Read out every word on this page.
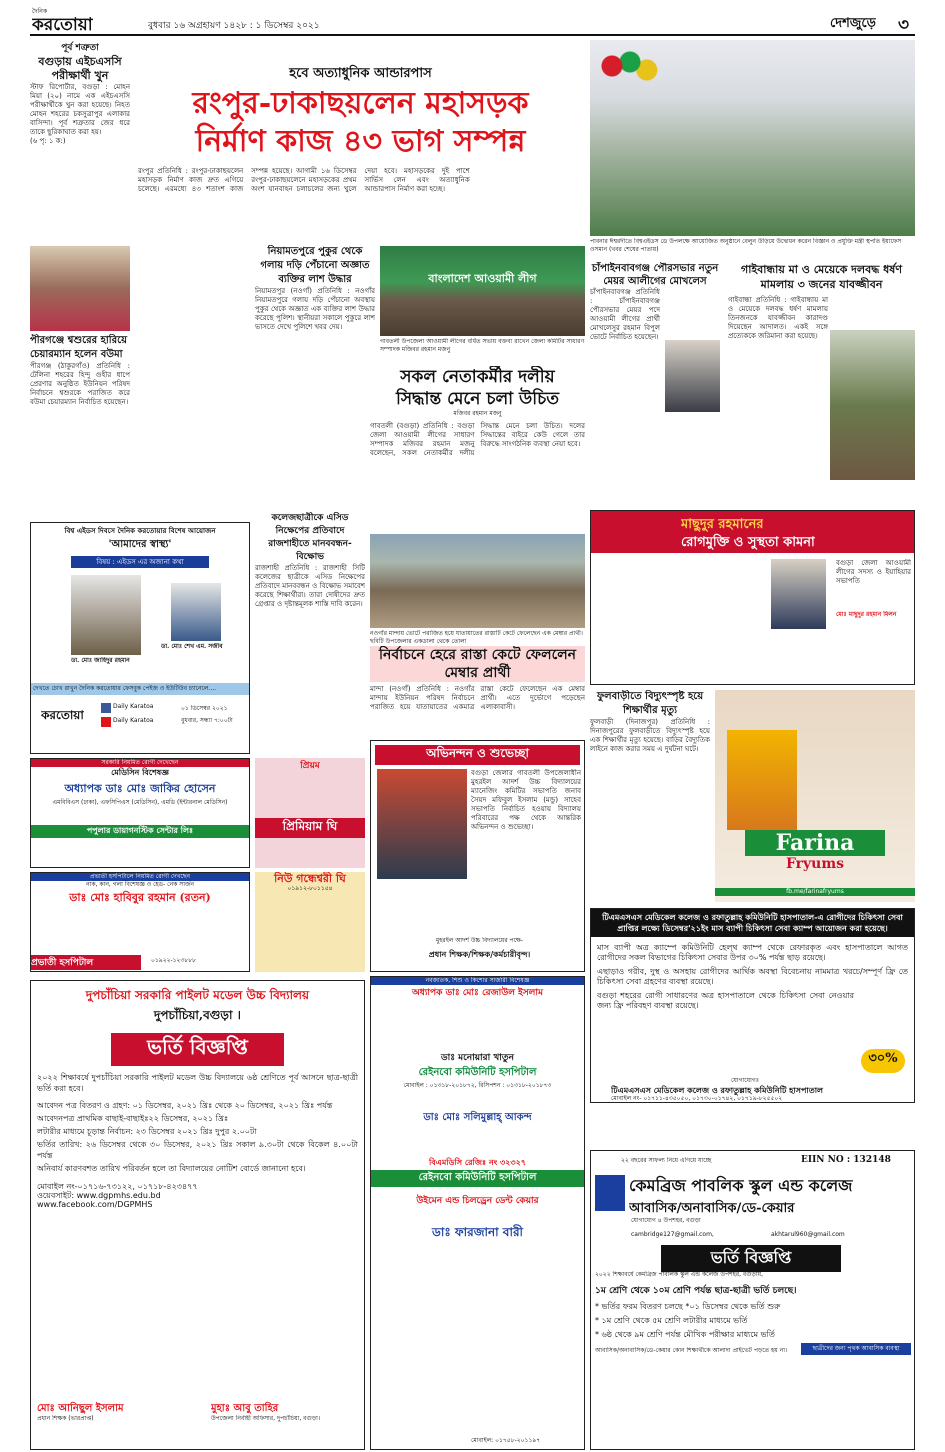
দৈনিক
করতোয়া	বুধবার ১৬ অগ্রহায়ণ ১৪২৮ : ১ ডিসেম্বর ২০২১	দেশজুড়ে ৩
পূর্ব শত্রুতা
বগুড়ায় এইচএসসি পরীক্ষার্থী খুন
স্টাফ রিপোর্টার, বগুড়া : মোহন মিয়া (২০) নামে এক এইচএসসি পরীক্ষার্থীকে খুন করা হয়েছে। নিহত মোহন শহরের চকসুত্রাপুর এলাকার বাসিন্দা। পূর্ব শত্রুতার জের ধরে তাকে ছুরিকাঘাত করা হয়।
(৬ পৃ: ১ ক:)
পীরগঞ্জে শ্বশুরের হারিয়ে চেয়ারম্যান হলেন বউমা
পীরগঞ্জ (ঠাকুরগাঁও) প্রতিনিধি : টেলিনা শহরের হিন্দু গুহীর ধাপে প্রেরণার অনুষ্ঠিত ইউনিয়ন পরিষদ নির্বাচনে শ্বশুরকে পরাজিত করে বউমা চেয়ারম্যান নির্বাচিত হয়েছেন।
হবে অত্যাধুনিক আন্ডারপাস
রংপুর-ঢাকাছয়লেন মহাসড়ক
নির্মাণ কাজ ৪৩ ভাগ সম্পন্ন
রংপুর প্রতিনিধি : রংপুর-ঢাকাছয়লেন মহাসড়ক নির্মাণ কাজ দ্রুত এগিয়ে চলেছে। এরমধ্যে ৪৩ শতাংশ কাজ সম্পন্ন হয়েছে। আগামী ১৬ ডিসেম্বর রংপুর-ঢাকাছয়লেনে মহাসড়কের প্রথম অংশ যানবাহন চলাচলের জন্য খুলে দেয়া হবে। মহাসড়কের দুই পাশে সার্ভিস লেন এবং অত্যাধুনিক আন্ডারপাস নির্মাণ করা হচ্ছে।
পাবনার ঈশ্বরদীতে বিশ্বএইডস ডে উপলক্ষে আয়োজিত অনুষ্ঠানে বেলুন উড়িয়ে উদ্বোধন করেন বিজ্ঞান ও প্রযুক্তি মন্ত্রী স্থপতি ইয়াফেস ওসমান (খবর শেষের পাতায়)
নিয়ামতপুরে পুকুর থেকে গলায় দড়ি পেঁচানো অজ্ঞাত ব্যক্তির লাশ উদ্ধার
নিয়ামতপুর (নওগাঁ) প্রতিনিধি : নওগাঁর নিয়ামতপুরে গলায় দড়ি পেঁচানো অবস্থায় পুকুর থেকে অজ্ঞাত এক ব্যক্তির লাশ উদ্ধার করেছে পুলিশ। স্থানীয়রা সকালে পুকুরে লাশ ভাসতে দেখে পুলিশে খবর দেয়।
বাংলাদেশ আওয়ামী লীগ
গাবতলী উপজেলা আওয়ামী লীগের বর্ধিত সভায় বক্তব্য রাখেন জেলা কমিটির সাধারণ সম্পাদক মজিবর রহমান মজনু
চাঁপাইনবাবগঞ্জ পৌরসভার নতুন মেয়র আলীগের মোখলেস
চাঁপাইনবাবগঞ্জ প্রতিনিধি : চাঁপাইনবাবগঞ্জ পৌরসভার মেয়র পদে আওয়ামী লীগের প্রার্থী মোখলেসুর রহমান বিপুল ভোটে নির্বাচিত হয়েছেন।
গাইবান্ধায় মা ও মেয়েকে দলবদ্ধ ধর্ষণ মামলায় ৩ জনের যাবজ্জীবন
গাইবান্ধা প্রতিনিধি : গাইবান্ধায় মা ও মেয়েকে দলবদ্ধ ধর্ষণ মামলায় তিনজনকে যাবজ্জীবন কারাদণ্ড দিয়েছেন আদালত। একই সঙ্গে প্রত্যেককে জরিমানা করা হয়েছে।
বিশ্ব এইডস দিবসে দৈনিক করতোয়ার বিশেষ আয়োজন
'আমাদের স্বাস্থ্য'
বিষয় : এইডস এর অজানা কথা
ডা. মোঃ জাহিদুর রহমান
ডা. মোঃ শেখ এম. সজীব
দেখতে চোখ রাখুন দৈনিক করতোয়ার ফেসবুক পেইজ ও ইউটিউব চ্যানেলে....
Daily Karatoa
Daily Karatoa
করতোয়া	০১ ডিসেম্বর ২০২১
বুধবার, সন্ধ্যা ৭:০০টা
কলেজছাত্রীকে এসিড নিক্ষেপের প্রতিবাদে রাজশাহীতে মানববন্ধন-বিক্ষোভ
রাজশাহী প্রতিনিধি : রাজশাহী সিটি কলেজের ছাত্রীকে এসিড নিক্ষেপের প্রতিবাদে মানববন্ধন ও বিক্ষোভ সমাবেশ করেছে শিক্ষার্থীরা। তারা দোষীদের দ্রুত গ্রেপ্তার ও দৃষ্টান্তমূলক শাস্তি দাবি করেন।
সকল নেতাকর্মীর দলীয়
সিদ্ধান্ত মেনে চলা উচিত
মজিবর রহমান মজনু
গাবতলী (বগুড়া) প্রতিনিধি : বগুড়া জেলা আওয়ামী লীগের সাধারণ সম্পাদক মজিবর রহমান মজনু বলেছেন, সকল নেতাকর্মীর দলীয় সিদ্ধান্ত মেনে চলা উচিত। দলের সিদ্ধান্তের বাইরে কেউ গেলে তার বিরুদ্ধে সাংগঠনিক ব্যবস্থা নেয়া হবে।
নওগাঁর মান্দায় ভোটে পরাজিত হয়ে যাতায়াতের রাস্তাটি কেটে ফেলেছেন এক মেম্বার প্রার্থী। ছবিটি উপজেলার একডালা থেকে তোলা
মাছুদুর রহমানের
রোগমুক্তি ও সুস্থতা কামনা
বগুড়া জেলা আওয়ামী লীগের সদস্য ও ইয়াহিয়ার সভাপতি
মোঃ মাছুদুর রহমান মিলন
নির্বাচনে হেরে রাস্তা কেটে ফেললেন মেম্বার প্রার্থী
মান্দা (নওগাঁ) প্রতিনিধি : নওগাঁর মান্দায় ইউনিয়ন পরিষদ নির্বাচনে পরাজিত হয়ে যাতায়াতের একমাত্র রাস্তা কেটে ফেলেছেন এক মেম্বার প্রার্থী। এতে দুর্ভোগে পড়েছেন এলাকাবাসী।
ফুলবাড়ীতে বিদ্যুৎস্পৃষ্ট হয়ে শিক্ষার্থীর মৃত্যু
ফুলবাড়ী (দিনাজপুর) প্রতিনিধি : দিনাজপুরের ফুলবাড়ীতে বিদ্যুৎস্পৃষ্ট হয়ে এক শিক্ষার্থীর মৃত্যু হয়েছে। বাড়ির বৈদ্যুতিক লাইনে কাজ করার সময় এ দুর্ঘটনা ঘটে।
Farina
Fryums
fb.me/farinafryums
সরকারি নিয়মিত রোগী দেখেছেন
মেডিসিন বিশেষজ্ঞ
অধ্যাপক ডাঃ মোঃ জাকির হোসেন
এমবিবিএস (ঢাকা), এফসিপিএস (মেডিসিন), এমডি (ইন্টারনাল মেডিসিন)
পপুলার ডায়াগনস্টিক সেন্টার লিঃ
প্রিয়ম
প্রিমিয়াম ঘি
নিউ গন্ধেশ্বরী ঘি
০১৯১২-৮০১১৫৪
অভিনন্দন ও শুভেচ্ছা
বগুড়া জেলার গাবতলী উপজেলাধীন মুহরইল আদর্শ উচ্চ বিদ্যালয়ের ম্যানেজিং কমিটির সভাপতি জনাব সৈয়দ মফিবুল ইসলাম (মন্ডু) সাহেব সভাপতি নির্বাচিত হওয়ায় বিদ্যালয় পরিবারের পক্ষ থেকে আন্তরিক অভিনন্দন ও শুভেচ্ছা।
মুহরইল আদর্শ উচ্চ বিদ্যালয়ের পক্ষে-
প্রধান শিক্ষক/শিক্ষক/কর্মচারীবৃন্দ।
প্রভাতী হসপিটালে নিয়মিত রোগী দেখছেন
নাক, কান, গলা বিশেষজ্ঞ ও হেড- নেক সার্জন
ডাঃ মোঃ হাবিবুর রহমান (রতন)
প্রভাতী হসপিটাল	০১৯২২-১২৩৮৮৮
টিএমএসএস মেডিকেল কলেজ ও রফাতুল্লাহ কমিউনিটি হাসপাতাল-এ রোগীদের চিকিৎসা সেবা প্রাপ্তির লক্ষ্যে ডিসেম্বর'২১ইং মাস ব্যাপী চিকিৎসা সেবা ক্যাম্প আয়োজন করা হয়েছে।
মাস ব্যাপী অত্র ক্যাম্পে কমিউনিটি হেল্থ ক্যাম্প থেকে রেফারকৃত এবং হাসপাতালে আগত রোগীদের সকল বিভাগের চিকিৎসা সেবার উপর ৩০% পর্যন্ত ছাড় রয়েছে।
এছাড়াও গরীব, দুস্থ ও অসহায় রোগীদের আর্থিক অবস্থা বিবেচনায় নামমাত্র খরচে/সম্পূর্ণ ফ্রি তে চিকিৎসা সেবা গ্রহণের ব্যবস্থা রয়েছে।
বগুড়া শহরের রোগী সাধারণের অত্র হাসপাতালে থেকে চিকিৎসা সেবা নেওয়ার জন্য ফ্রি পরিবহণ ব্যবস্থা রয়েছে।
৩০%
যোগাযোগঃ
টিএমএসএস মেডিকেল কলেজ ও রফাতুল্লাহ কমিউনিটি হাসপাতাল
মোবাইল নং- ০১৭১১-৪৩৫০৫০, ০১৭৩০-০১৭৪২, ০১৭১৯-৮২৫৫০২
দুপচাঁচিয়া সরকারি পাইলট মডেল উচ্চ বিদ্যালয়
দুপচাঁচিয়া,বগুড়া ।
ভর্তি বিজ্ঞপ্তি
২০২২ শিক্ষাবর্ষে দুপচাঁচিয়া সরকারি পাইলট মডেল উচ্চ বিদ্যালয়ে ৬ষ্ঠ শ্রেণিতে পূর্ব আসনে ছাত্র-ছাত্রী ভর্তি করা হবে।
আবেদন পত্র বিতরণ ও গ্রহণ: ০১ ডিসেম্বর, ২০২১ খ্রিঃ থেকে ২০ ডিসেম্বর, ২০২১ খ্রিঃ পর্যন্ত
আবেদনপত্র প্রাথমিক বাছাই-বাছাইঃ২২ ডিসেম্বর, ২০২১ খ্রিঃ
লটারীর মাধ্যমে চূড়ান্ত নির্বাচন: ২৩ ডিসেম্বর ২০২১ খ্রিঃ দুপুর ২.০০টা
ভর্তির তারিখ: ২৬ ডিসেম্বর থেকে ৩০ ডিসেম্বর, ২০২১ খ্রিঃ সকাল ৯.৩০টা থেকে বিকেল ৪.০০টা পর্যন্ত
অনিবার্য কারণবশত তারিখ পরিবর্তন হলে তা বিদ্যালয়ের নোটিশ বোর্ডে জানানো হবে।
মোবাইল নং-০১৭১৬-৭৩১২২, ০১৭১৮-৪২৩৪৭৭
ওয়েবসাইট: www.dgpmhs.edu.bd
www.facebook.com/DGPMHS
মোঃ আনিছুল ইসলাম
প্রধান শিক্ষক (ভারপ্রাপ্ত)
মুহাঃ আবু তাহির
উপজেলা নির্বাহী অফিসার, দুপচাঁচিয়া, বগুড়া।
নবজাতক, শিশু ও কিশোর সার্জারী বিশেষজ্ঞ
অধ্যাপক ডাঃ মোঃ রেজাউল ইসলাম
ডাঃ মনোয়ারা খাতুন
রেইনবো কমিউনিটি হসপিটাল
মোবাইল : ০১৩১৮-২০১৮৭২, রিসিপশন : ০১৩১৮-২০১৮৭৩
ডাঃ মোঃ সলিমুল্লাহ্ আকন্দ
বিএমডিসি রেজিঃ নং ৩২৩২৭
রেইনবো কমিউনিটি হসপিটাল
উইমেন এন্ড চিলড্রেন ডেন্ট কেয়ার
ডাঃ ফারজানা বারী
মোবাইল: ০১৭৫৮-২০১১৯৭
২২ বছরের সাফল্য নিয়ে এগিয়ে যাচ্ছে	EIIN NO : 132148
কেমব্রিজ পাবলিক স্কুল এন্ড কলেজ
আবাসিক/অনাবাসিক/ডে-কেয়ার
যোগাযোগ ৪ উপশহর, বগুড়া
cambridge127@gmail.com,	akhtarul960@gmail.com
ভর্তি বিজ্ঞপ্তি
২০২২ শিক্ষাবর্ষে কেমব্রিজ পাবলিক স্কুল এন্ড কলেজ উপশহর, বগুড়ায়,
১ম শ্রেণি থেকে ১০ম শ্রেণি পর্যন্ত ছাত্র-ছাত্রী ভর্তি চলছে।
* ভর্তির ফরম বিতরণ চলছে *০১ ডিসেম্বর থেকে ভর্তি শুরু
* ১ম শ্রেণি থেকে ৫ম শ্রেণি লটারীর মাধ্যমে ভর্তি
* ৬ষ্ঠ থেকে ৯ম শ্রেণি পর্যন্ত মৌখিক পরীক্ষার মাধ্যমে ভর্তি
আবাসিক/অনাবাসিক/ডে-কেয়ার কোন শিক্ষার্থীকে আলাদা প্রাইভেট পড়তে হয় না।	ছাত্রীদের জন্য পৃথক আবাসিক ব্যবস্থা
